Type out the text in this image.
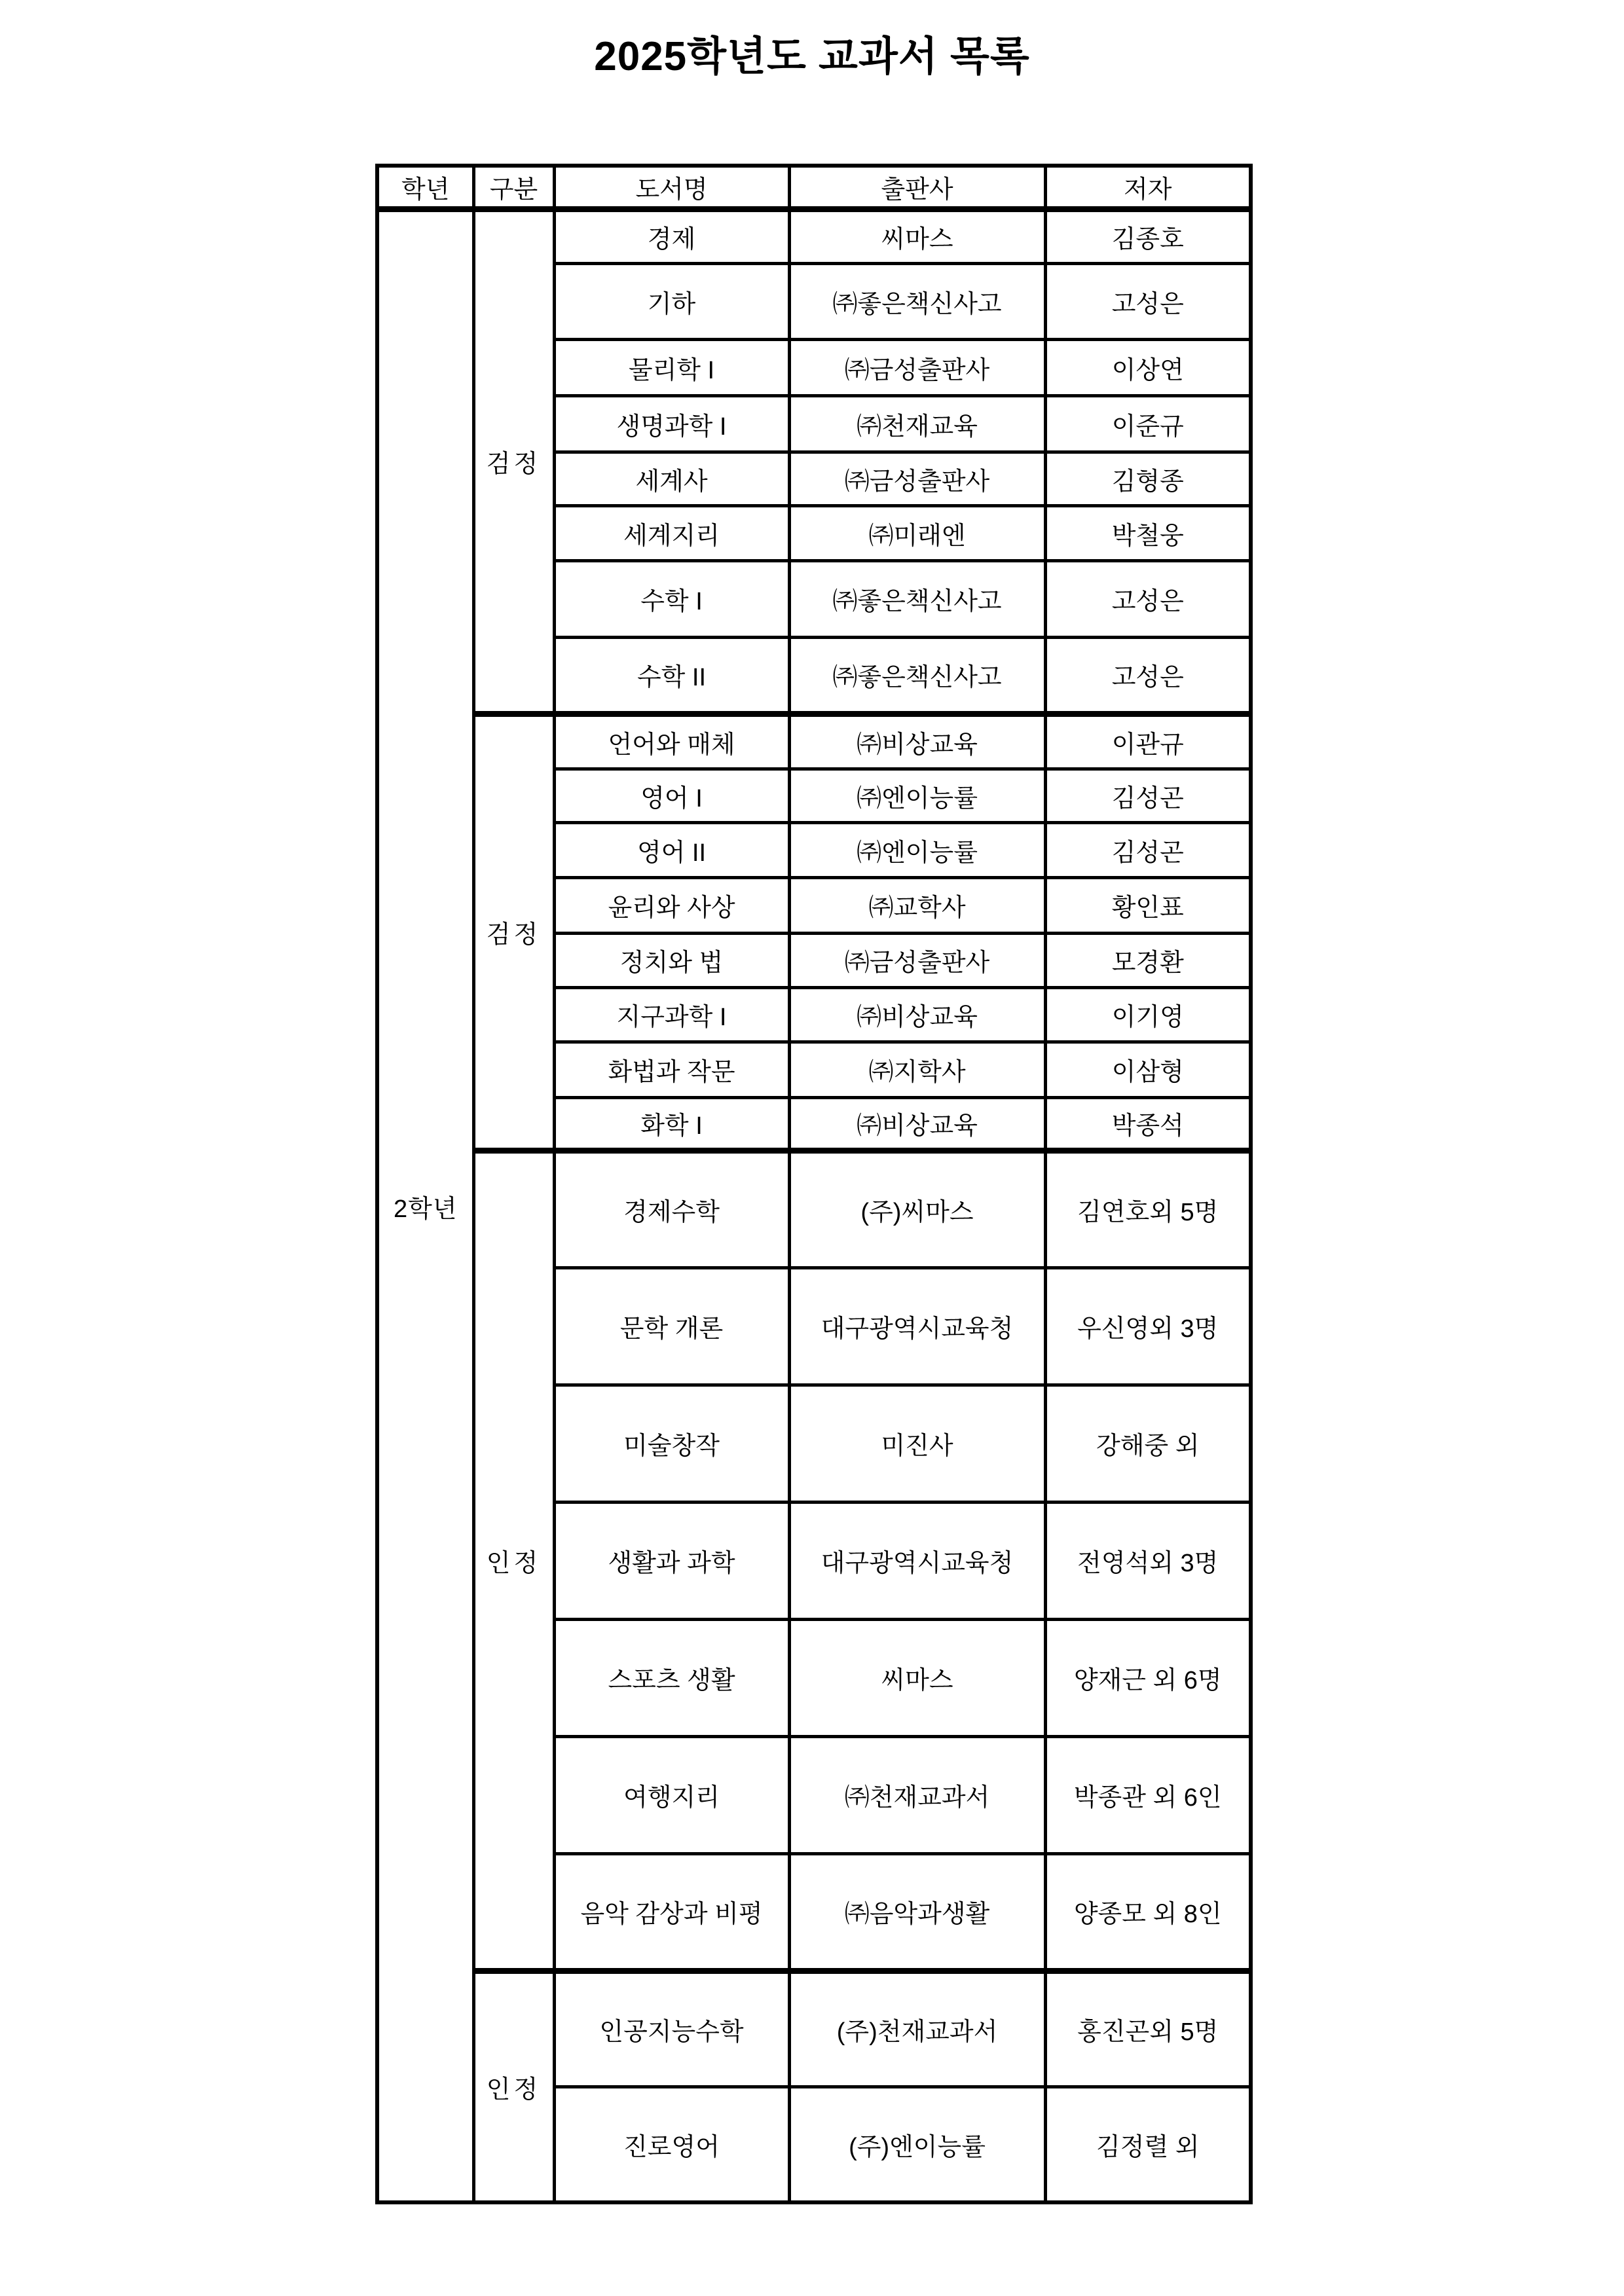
2025학년도 교과서 목록
학년	구분	도서명	출판사	저자
2학년	검정	경제	씨마스	김종호
		기하	㈜좋은책신사고	고성은
		물리학 I	㈜금성출판사	이상연
		생명과학 I	㈜천재교육	이준규
		세계사	㈜금성출판사	김형종
		세계지리	㈜미래엔	박철웅
		수학 I	㈜좋은책신사고	고성은
		수학 II	㈜좋은책신사고	고성은
	검정	언어와 매체	㈜비상교육	이관규
		영어 I	㈜엔이능률	김성곤
		영어 II	㈜엔이능률	김성곤
		윤리와 사상	㈜교학사	황인표
		정치와 법	㈜금성출판사	모경환
		지구과학 I	㈜비상교육	이기영
		화법과 작문	㈜지학사	이삼형
		화학 I	㈜비상교육	박종석
	인정	경제수학	(주)씨마스	김연호외 5명
		문학 개론	대구광역시교육청	우신영외 3명
		미술창작	미진사	강해중 외
		생활과 과학	대구광역시교육청	전영석외 3명
		스포츠 생활	씨마스	양재근 외 6명
		여행지리	㈜천재교과서	박종관 외 6인
		음악 감상과 비평	㈜음악과생활	양종모 외 8인
	인정	인공지능수학	(주)천재교과서	홍진곤외 5명
		진로영어	(주)엔이능률	김정렬 외
